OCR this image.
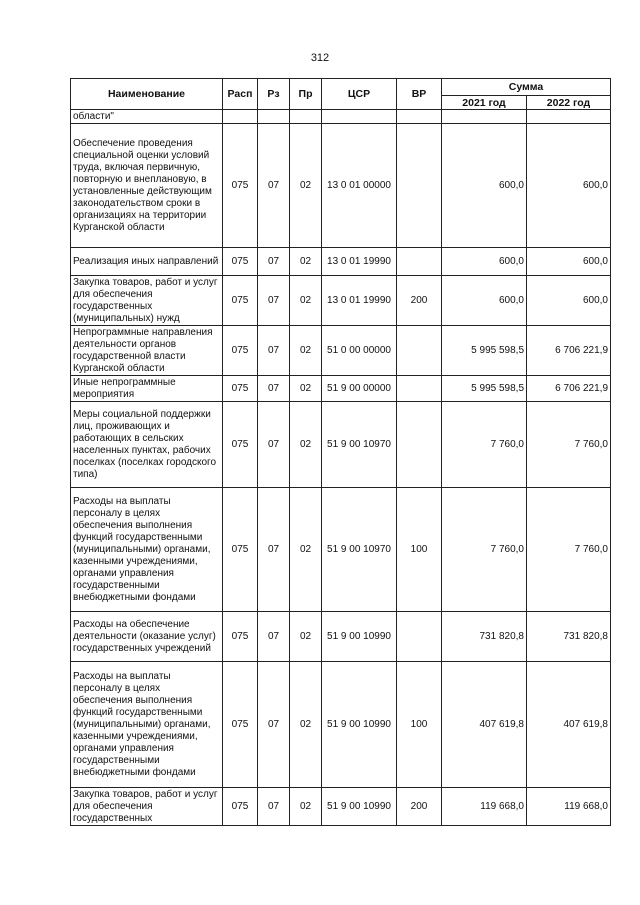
312
Наименование	Расп	Рз	Пр	ЦСР	ВР	Сумма	
						2021 год	2022 год
области"							
Обеспечение проведения специальной оценки условий труда, включая первичную, повторную и внеплановую, в установленные действующим законодательством сроки в организациях на территории Курганской области	075	07	02	13 0 01 00000		600,0	600,0
Реализация иных направлений	075	07	02	13 0 01 19990		600,0	600,0
Закупка товаров, работ и услуг для обеспечения государственных (муниципальных) нужд	075	07	02	13 0 01 19990	200	600,0	600,0
Непрограммные направления деятельности органов государственной власти Курганской области	075	07	02	51 0 00 00000		5 995 598,5	6 706 221,9
Иные непрограммные мероприятия	075	07	02	51 9 00 00000		5 995 598,5	6 706 221,9
Меры социальной поддержки лиц, проживающих и работающих в сельских населенных пунктах, рабочих поселках (поселках городского типа)	075	07	02	51 9 00 10970		7 760,0	7 760,0
Расходы на выплаты персоналу в целях обеспечения выполнения функций государственными (муниципальными) органами, казенными учреждениями, органами управления государственными внебюджетными фондами	075	07	02	51 9 00 10970	100	7 760,0	7 760,0
Расходы на обеспечение деятельности (оказание услуг) государственных учреждений	075	07	02	51 9 00 10990		731 820,8	731 820,8
Расходы на выплаты персоналу в целях обеспечения выполнения функций государственными (муниципальными) органами, казенными учреждениями, органами управления государственными внебюджетными фондами	075	07	02	51 9 00 10990	100	407 619,8	407 619,8
Закупка товаров, работ и услуг для обеспечения государственных	075	07	02	51 9 00 10990	200	119 668,0	119 668,0
